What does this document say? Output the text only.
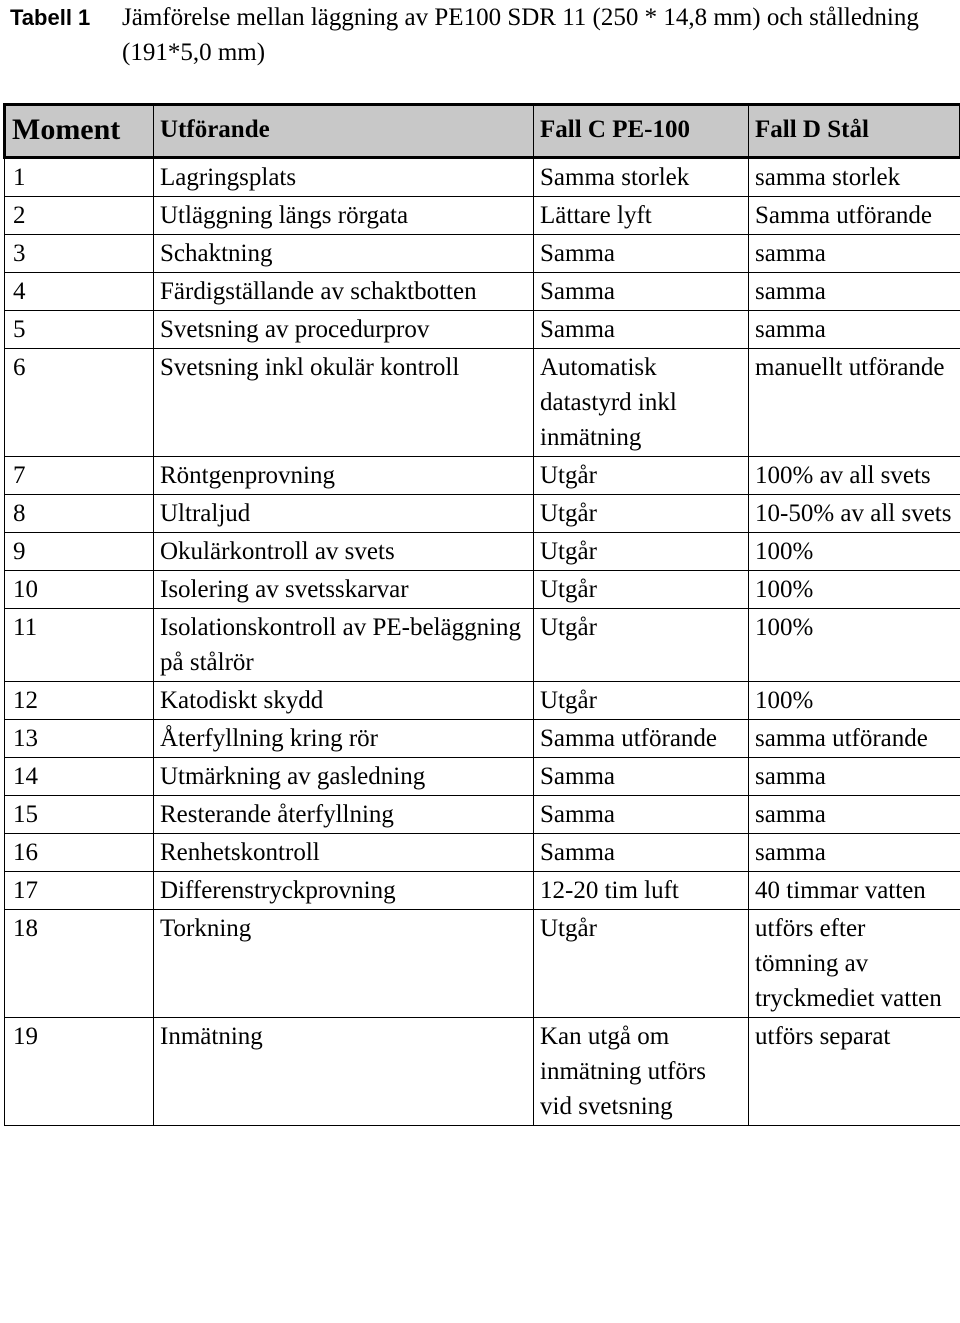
Tabell 1 Jämförelse mellan läggning av PE100 SDR 11 (250 * 14,8 mm) och stålledning (191*5,0 mm)
Moment	Utförande	Fall C PE-100	Fall D Stål
1	Lagringsplats	Samma storlek	samma storlek
2	Utläggning längs rörgata	Lättare lyft	Samma utförande
3	Schaktning	Samma	samma
4	Färdigställande av schaktbotten	Samma	samma
5	Svetsning av procedurprov	Samma	samma
6	Svetsning inkl okulär kontroll	Automatisk datastyrd inkl inmätning	manuellt utförande
7	Röntgenprovning	Utgår	100% av all svets
8	Ultraljud	Utgår	10-50% av all svets
9	Okulärkontroll av svets	Utgår	100%
10	Isolering av svetsskarvar	Utgår	100%
11	Isolationskontroll av PE-beläggning på stålrör	Utgår	100%
12	Katodiskt skydd	Utgår	100%
13	Återfyllning kring rör	Samma utförande	samma utförande
14	Utmärkning av gasledning	Samma	samma
15	Resterande återfyllning	Samma	samma
16	Renhetskontroll	Samma	samma
17	Differenstryckprovning	12-20 tim luft	40 timmar vatten
18	Torkning	Utgår	utförs efter tömning av tryckmediet vatten
19	Inmätning	Kan utgå om inmätning utförs vid svetsning	utförs separat
